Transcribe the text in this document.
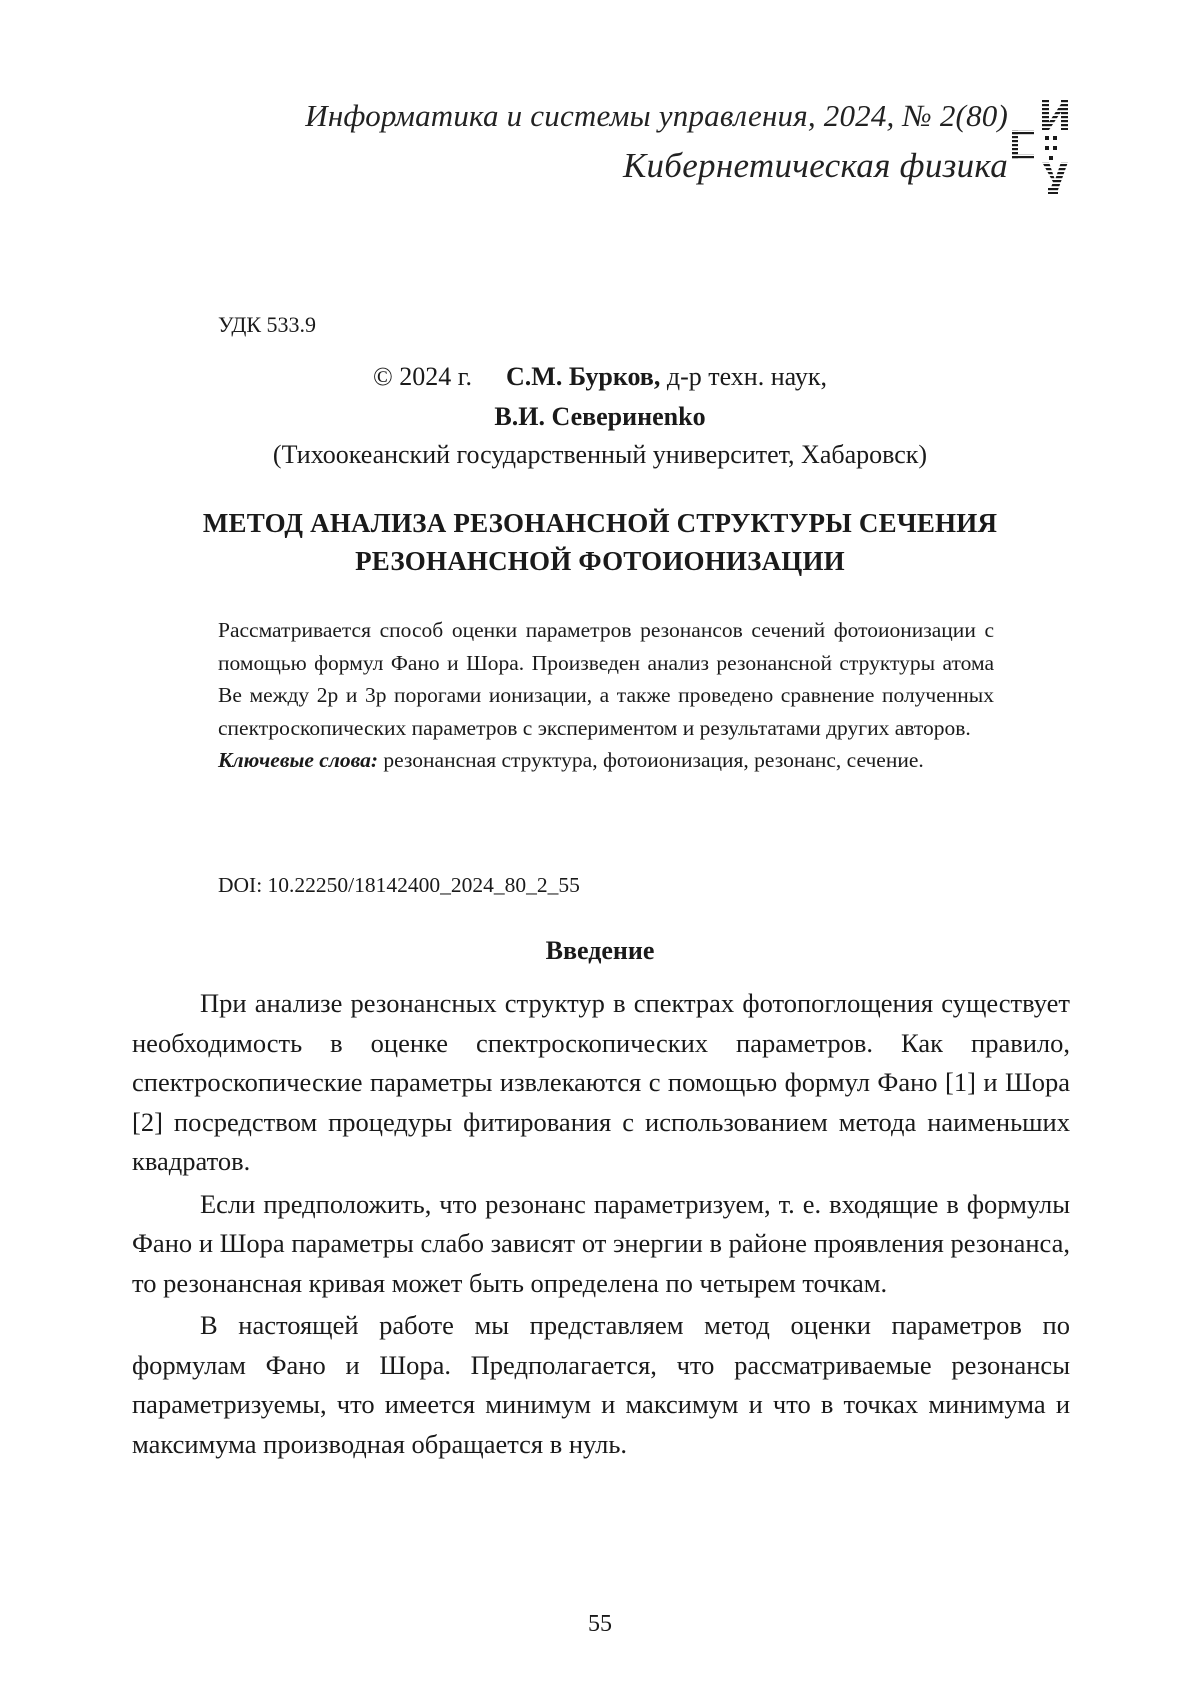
Информатика и системы управления, 2024, № 2(80)
Кибернетическая физика
УДК 533.9
© 2024 г. С.М. Бурков, д-р техн. наук,
В.И. Северинenko
(Тихоокеанский государственный университет, Хабаровск)
МЕТОД АНАЛИЗА РЕЗОНАНСНОЙ СТРУКТУРЫ СЕЧЕНИЯ
РЕЗОНАНСНОЙ ФОТОИОНИЗАЦИИ

Рассматривается способ оценки параметров резонансов сечений фотоионизации с помощью формул Фано и Шора. Произведен анализ резонансной структуры атома Be между 2p и 3p порогами ионизации, а также проведено сравнение полученных спектроскопических параметров с экспериментом и результатами других авторов.

Ключевые слова: резонансная структура, фотоионизация, резонанс, сечение.

DOI: 10.22250/18142400_2024_80_2_55
Введение

При анализе резонансных структур в спектрах фотопоглощения существует необходимость в оценке спектроскопических параметров. Как правило, спектроскопические параметры извлекаются с помощью формул Фано [1] и Шора [2] посредством процедуры фитирования с использованием метода наименьших квадратов.

Если предположить, что резонанс параметризуем, т. е. входящие в формулы Фано и Шора параметры слабо зависят от энергии в районе проявления резонанса, то резонансная кривая может быть определена по четырем точкам.

В настоящей работе мы представляем метод оценки параметров по формулам Фано и Шора. Предполагается, что рассматриваемые резонансы параметризуемы, что имеется минимум и максимум и что в точках минимума и максимума производная обращается в нуль.

55
